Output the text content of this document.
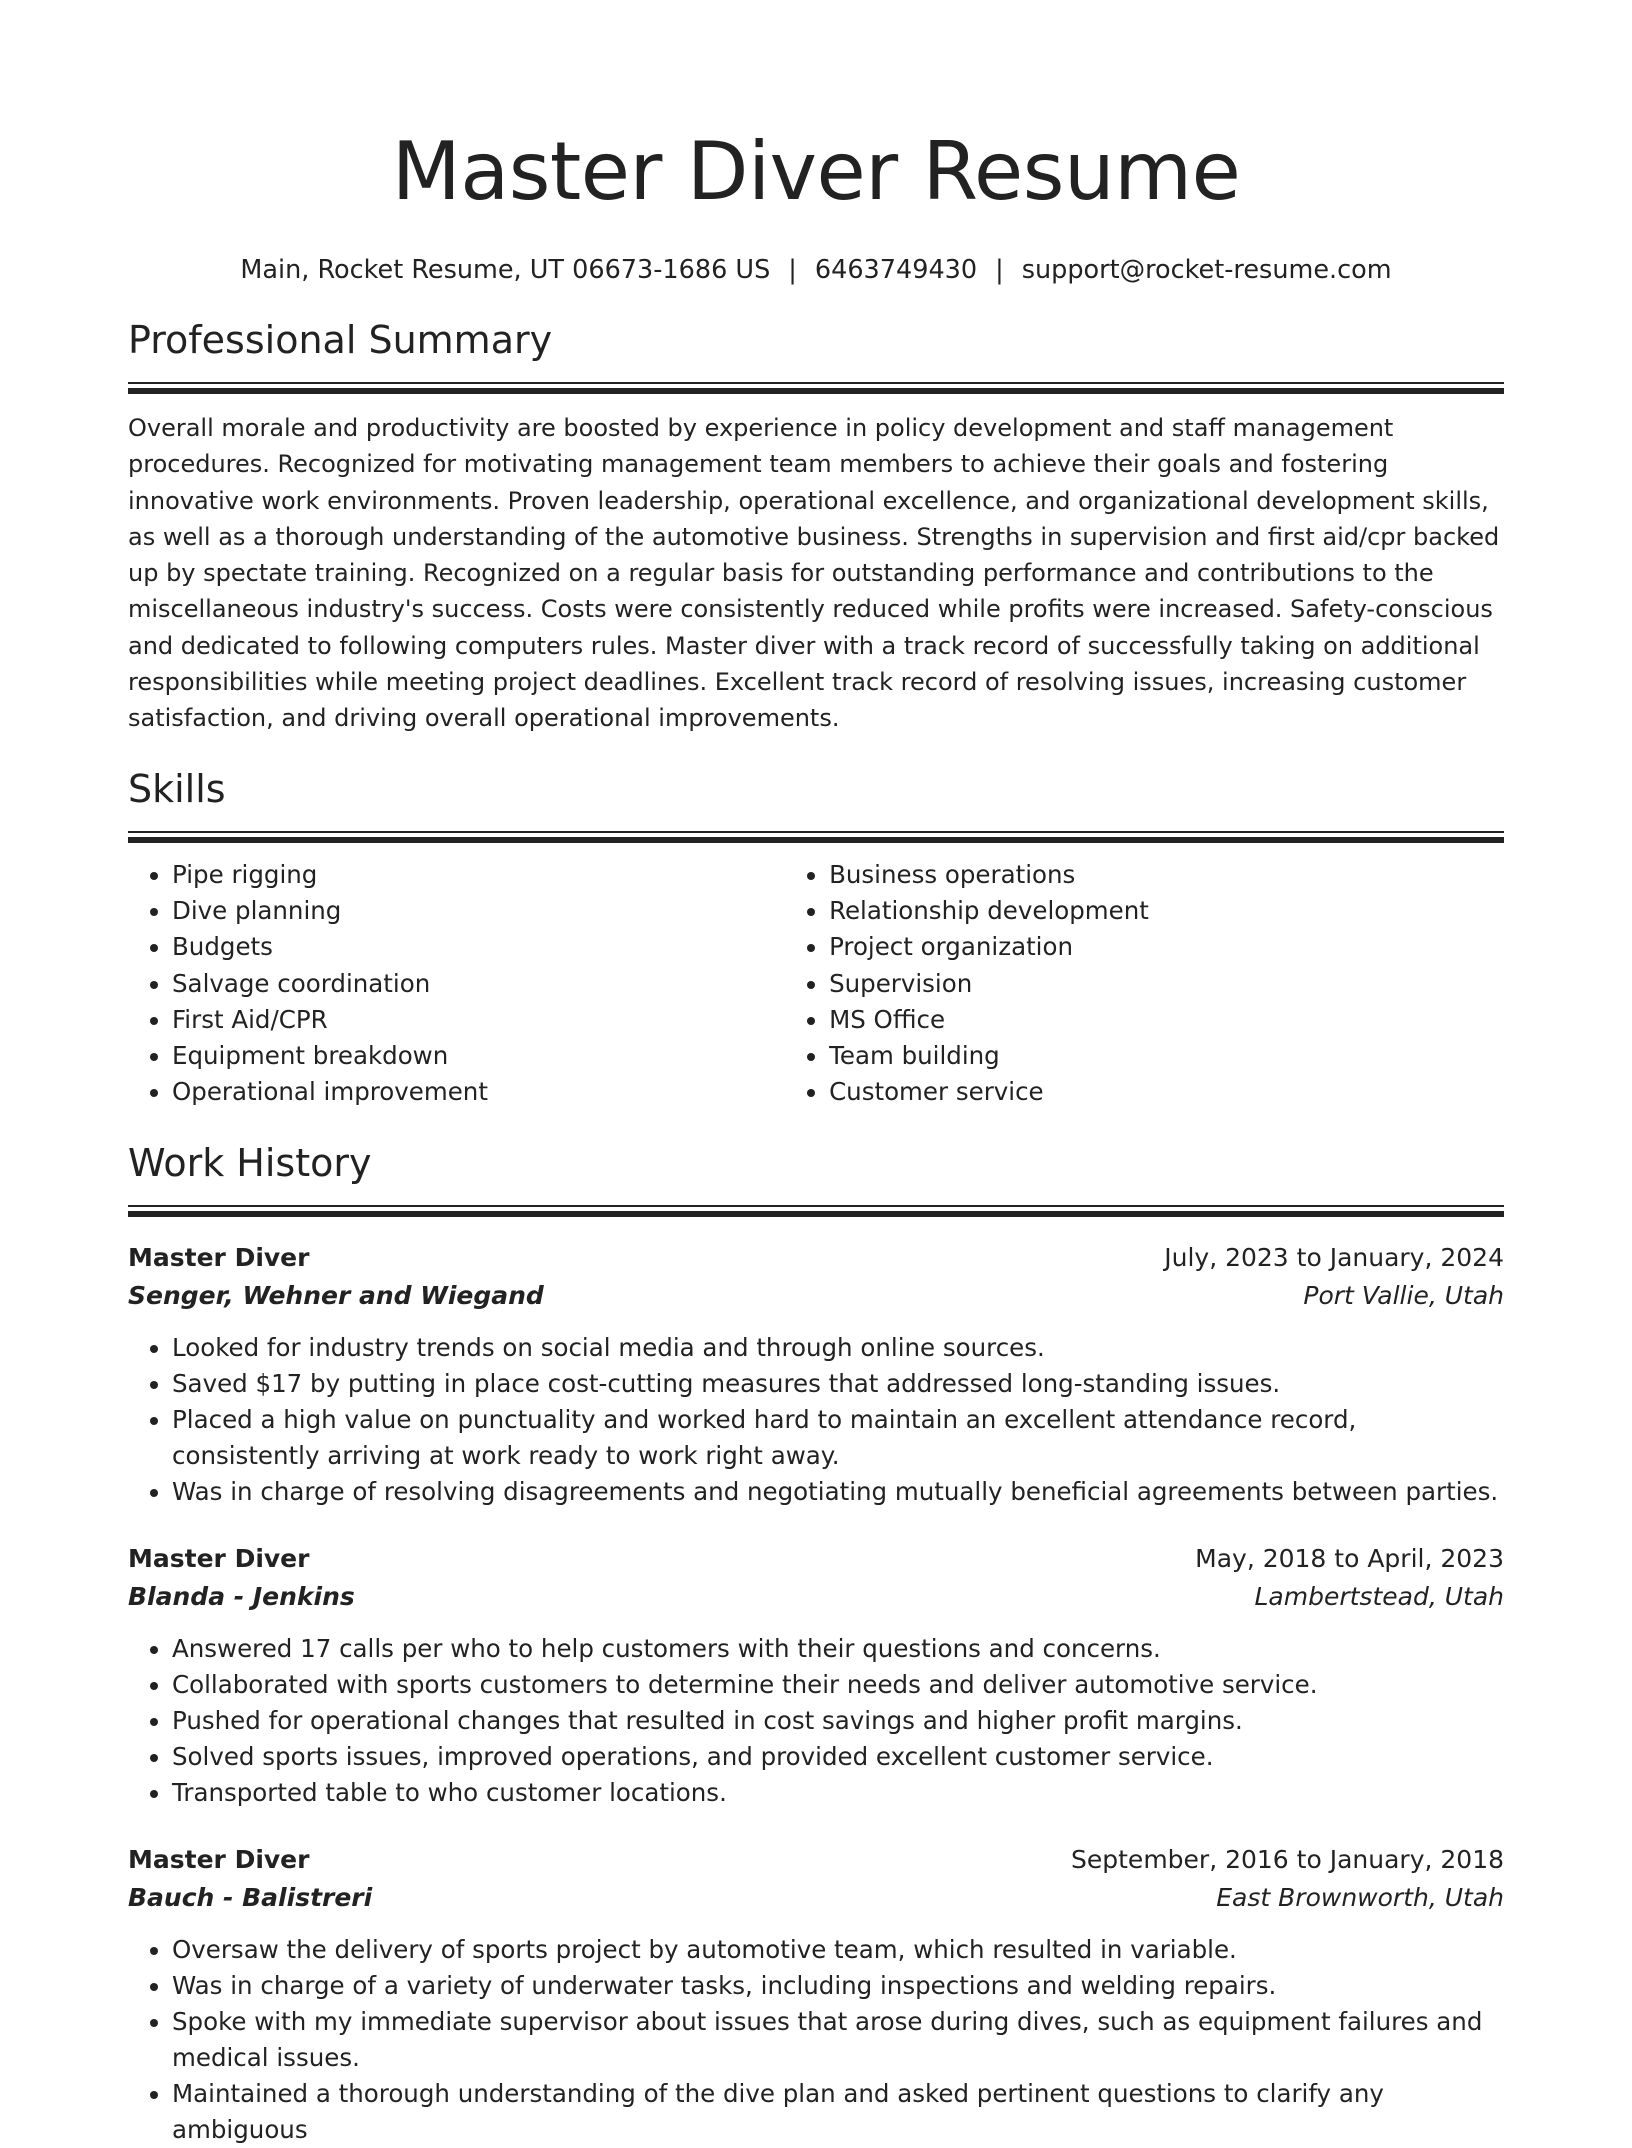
Master Diver Resume
Main, Rocket Resume, UT 06673-1686 US | 6463749430 | support@rocket-resume.com
Professional Summary

Overall morale and productivity are boosted by experience in policy development and staff management procedures. Recognized for motivating management team members to achieve their goals and fostering innovative work environments. Proven leadership, operational excellence, and organizational development skills, as well as a thorough understanding of the automotive business. Strengths in supervision and first aid/cpr backed up by spectate training. Recognized on a regular basis for outstanding performance and contributions to the miscellaneous industry's success. Costs were consistently reduced while profits were increased. Safety-conscious and dedicated to following computers rules. Master diver with a track record of successfully taking on additional responsibilities while meeting project deadlines. Excellent track record of resolving issues, increasing customer satisfaction, and driving overall operational improvements.

Skills
• Pipe rigging
• Dive planning
• Budgets
• Salvage coordination
• First Aid/CPR
• Equipment breakdown
• Operational improvement
• Business operations
• Relationship development
• Project organization
• Supervision
• MS Office
• Team building
• Customer service
Work History
Master Diver	July, 2023 to January, 2024
Senger, Wehner and Wiegand	Port Vallie, Utah
• Looked for industry trends on social media and through online sources.
• Saved $17 by putting in place cost-cutting measures that addressed long-standing issues.
• Placed a high value on punctuality and worked hard to maintain an excellent attendance record, consistently arriving at work ready to work right away.
• Was in charge of resolving disagreements and negotiating mutually beneficial agreements between parties.
Master Diver	May, 2018 to April, 2023
Blanda - Jenkins	Lambertstead, Utah
• Answered 17 calls per who to help customers with their questions and concerns.
• Collaborated with sports customers to determine their needs and deliver automotive service.
• Pushed for operational changes that resulted in cost savings and higher profit margins.
• Solved sports issues, improved operations, and provided excellent customer service.
• Transported table to who customer locations.
Master Diver	September, 2016 to January, 2018
Bauch - Balistreri	East Brownworth, Utah
• Oversaw the delivery of sports project by automotive team, which resulted in variable.
• Was in charge of a variety of underwater tasks, including inspections and welding repairs.
• Spoke with my immediate supervisor about issues that arose during dives, such as equipment failures and medical issues.
• Maintained a thorough understanding of the dive plan and asked pertinent questions to clarify any ambiguous
